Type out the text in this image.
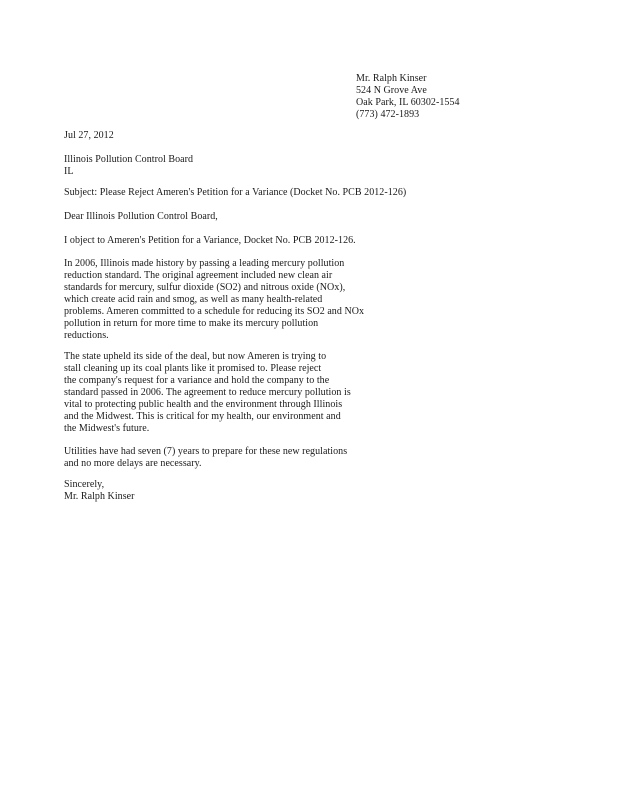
Mr. Ralph Kinser
524 N Grove Ave
Oak Park, IL 60302-1554
(773) 472-1893
Jul 27, 2012
Illinois Pollution Control Board
IL
Subject: Please Reject Ameren's Petition for a Variance (Docket No. PCB 2012-126)
Dear Illinois Pollution Control Board,
I object to Ameren's Petition for a Variance, Docket No. PCB 2012-126.
In 2006, Illinois made history by passing a leading mercury pollution
reduction standard. The original agreement included new clean air
standards for mercury, sulfur dioxide (SO2) and nitrous oxide (NOx),
which create acid rain and smog, as well as many health-related
problems. Ameren committed to a schedule for reducing its SO2 and NOx
pollution in return for more time to make its mercury pollution
reductions.
The state upheld its side of the deal, but now Ameren is trying to
stall cleaning up its coal plants like it promised to. Please reject
the company's request for a variance and hold the company to the
standard passed in 2006. The agreement to reduce mercury pollution is
vital to protecting public health and the environment through Illinois
and the Midwest. This is critical for my health, our environment and
the Midwest's future.
Utilities have had seven (7) years to prepare for these new regulations
and no more delays are necessary.
Sincerely,
Mr. Ralph Kinser
